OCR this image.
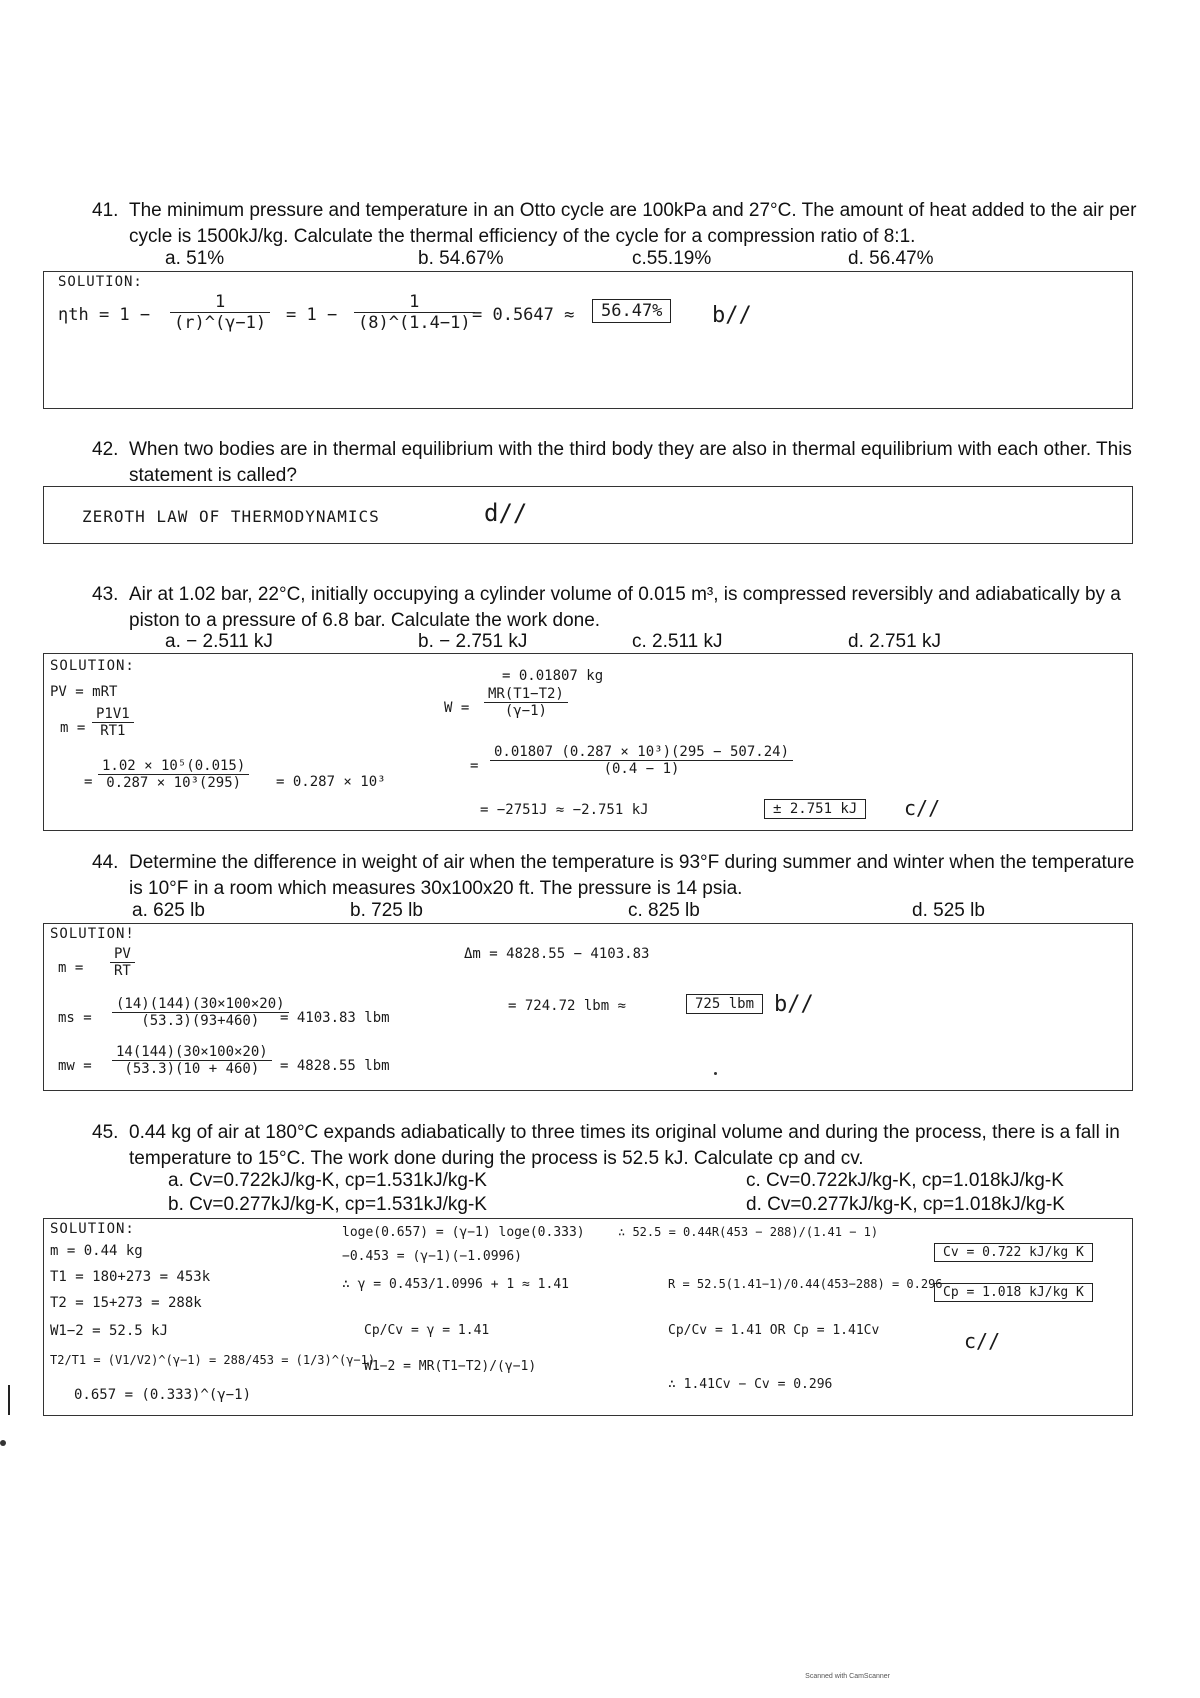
41. The minimum pressure and temperature in an Otto cycle are 100kPa and 27°C. The amount of heat added to the air per cycle is 1500kJ/kg. Calculate the thermal efficiency of the cycle for a compression ratio of 8:1.
a. 51%	b. 54.67%	c.55.19%	d. 56.47%
SOLUTION:
$\eta th = 1 - \frac{1}{(r)\^{}(\gamma-1)} = 1 - \frac{1}{(8)\^{}(1.4-1)}$
= 0.5647 ≈	56.47%	b//
42. When two bodies are in thermal equilibrium with the third body they are also in thermal equilibrium with each other. This statement is called?
ZEROTH LAW OF THERMODYNAMICS	d//
43. Air at 1.02 bar, 22°C, initially occupying a cylinder volume of 0.015 m³, is compressed reversibly and adiabatically by a piston to a pressure of 6.8 bar. Calculate the work done.
a. − 2.511 kJ	b. − 2.751 kJ	c. 2.511 kJ	d. 2.751 kJ
SOLUTION:
PV = mRT
$m = \frac{P1V1}{RT1}$
= $\frac{\text{1.02 × 10⁵(0.015)}}{\text{0.287 × 10³(295)}} = 0.287 \times 10^3$
= 0.01807 kg
$W = \frac{MR(T1-T2)}{(\gamma-1)}$
= $\frac{\text{0.01807 (0.287 × 10³)(295 − 507.24)}}{(0.4 - 1)}$
= −2751J ≈ −2.751 kJ	± 2.751 kJ	c//
44. Determine the difference in weight of air when the temperature is 93°F during summer and winter when the temperature is 10°F in a room which measures 30x100x20 ft. The pressure is 14 psia.
a. 625 lb	b. 725 lb	c. 825 lb	d. 525 lb
SOLUTION!
$m = \frac{PV}{RT}$
ms = $\frac{(14)(144)(30\times 100\times 20)}{(53.3)(93+460)}$
= 4103.83 lbm
mw = $\frac{14(144)(30\times 100\times 20)}{(53.3)(10 + 460)} = 4828.55$ lbm
Δm = 4828.55 − 4103.83
= 724.72 lbm ≈	725 lbm b//
45. 0.44 kg of air at 180°C expands adiabatically to three times its original volume and during the process, there is a fall in temperature to 15°C. The work done during the process is 52.5 kJ. Calculate cp and cv.
a. Cv=0.722kJ/kg-K, cp=1.531kJ/kg-K	c. Cv=0.722kJ/kg-K, cp=1.018kJ/kg-K
b. Cv=0.277kJ/kg-K, cp=1.531kJ/kg-K	d. Cv=0.277kJ/kg-K, cp=1.018kJ/kg-K
SOLUTION:
m = 0.44 kg
T1 = 180+273 = 453k
T2 = 15+273 = 288k
W1−2 = 52.5 kJ
T2/T1 = (V1/V2)^(γ−1) = 288/453 = (1/3)^(γ−1)
0.657 = (0.333)^(γ−1)
loge(0.657) = (γ−1) loge(0.333)
−0.453 = (γ−1)(−1.0996)
∴ γ = 0.453/1.0996 + 1 ≈ 1.41
Cp/Cv = γ = 1.41
W1−2 = MR(T1−T2)/(γ−1)
∴ 52.5 = 0.44R(453 − 288)/(1.41 − 1)
R = 52.5(1.41−1)/0.44(453−288) = 0.296
Cp/Cv = 1.41 OR Cp = 1.41Cv
∴ 1.41Cv − Cv = 0.296
Cv = 0.722 kJ/kg K
Cp = 1.018 kJ/kg K
c//
Scanned with CamScanner
